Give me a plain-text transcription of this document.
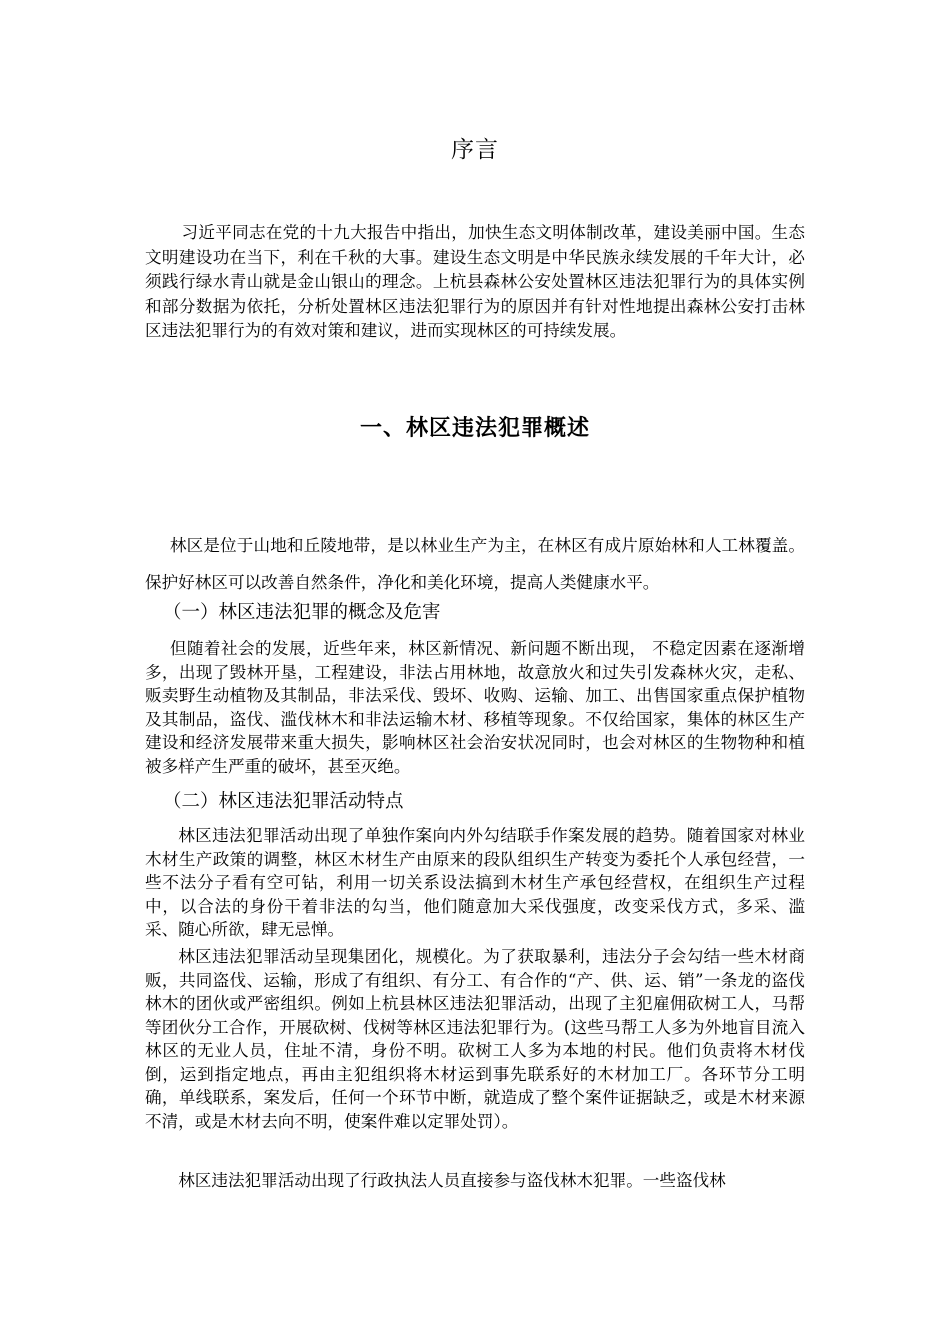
序言

习近平同志在党的十九大报告中指出，加快生态文明体制改革，建设美丽中国。生态文明建设功在当下，利在千秋的大事。建设生态文明是中华民族永续发展的千年大计，必须践行绿水青山就是金山银山的理念。上杭县森林公安处置林区违法犯罪行为的具体实例和部分数据为依托，分析处置林区违法犯罪行为的原因并有针对性地提出森林公安打击林区违法犯罪行为的有效对策和建议，进而实现林区的可持续发展。

一、林区违法犯罪概述

林区是位于山地和丘陵地带，是以林业生产为主，在林区有成片原始林和人工林覆盖。保护好林区可以改善自然条件，净化和美化环境，提高人类健康水平。

（一）林区违法犯罪的概念及危害

但随着社会的发展，近些年来，林区新情况、新问题不断出现， 不稳定因素在逐渐增多，出现了毁林开垦，工程建设，非法占用林地，故意放火和过失引发森林火灾，走私、贩卖野生动植物及其制品，非法采伐、毁坏、收购、运输、加工、出售国家重点保护植物及其制品，盗伐、滥伐林木和非法运输木材、移植等现象。不仅给国家，集体的林区生产建设和经济发展带来重大损失，影响林区社会治安状况同时，也会对林区的生物物种和植被多样产生严重的破坏，甚至灭绝。

（二）林区违法犯罪活动特点

林区违法犯罪活动出现了单独作案向内外勾结联手作案发展的趋势。随着国家对林业木材生产政策的调整，林区木材生产由原来的段队组织生产转变为委托个人承包经营，一些不法分子看有空可钻，利用一切关系设法搞到木材生产承包经营权，在组织生产过程中，以合法的身份干着非法的勾当，他们随意加大采伐强度，改变采伐方式，多采、滥采、随心所欲，肆无忌惮。

林区违法犯罪活动呈现集团化，规模化。为了获取暴利，违法分子会勾结一些木材商贩，共同盗伐、运输，形成了有组织、有分工、有合作的“产、供、运、销”一条龙的盗伐林木的团伙或严密组织。例如上杭县林区违法犯罪活动，出现了主犯雇佣砍树工人，马帮等团伙分工合作，开展砍树、伐树等林区违法犯罪行为。(这些马帮工人多为外地盲目流入林区的无业人员，住址不清，身份不明。砍树工人多为本地的村民。他们负责将木材伐倒，运到指定地点，再由主犯组织将木材运到事先联系好的木材加工厂。各环节分工明确，单线联系，案发后，任何一个环节中断，就造成了整个案件证据缺乏，或是木材来源不清，或是木材去向不明，使案件难以定罪处罚）。

林区违法犯罪活动出现了行政执法人员直接参与盗伐林木犯罪。一些盗伐林
